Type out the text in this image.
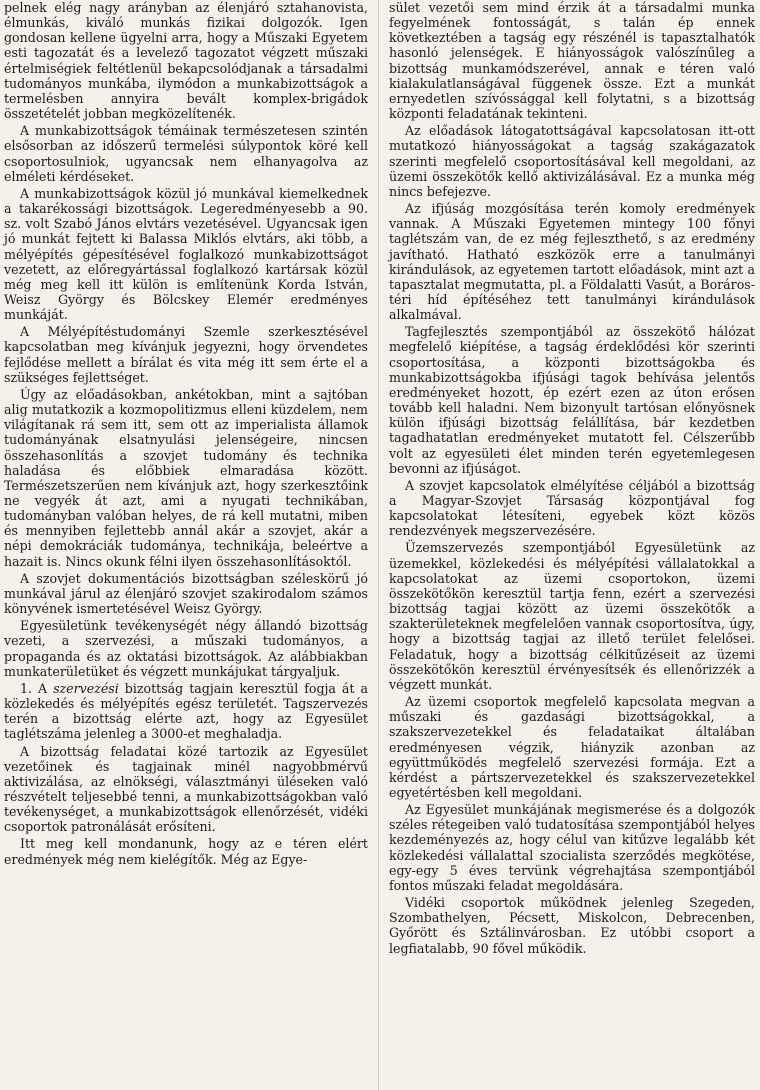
pelnek elég nagy arányban az élenjáró sztahanovista, élmunkás, kiváló munkás fizikai dolgozók. Igen gondosan kellene ügyelni arra, hogy a Műszaki Egyetem esti tagozatát és a levelező tagozatot végzett műszaki értelmiségiek feltétlenül bekapcsolódjanak a társadalmi tudományos munkába, ilymódon a munkabizottságok a termelésben annyira bevált komplex-brigádok összetételét jobban megközelítenék.

A munkabizottságok témáinak természetesen szintén elsősorban az időszerű termelési súlypontok köré kell csoportosulniok, ugyancsak nem elhanyagolva az elméleti kérdéseket.

A munkabizottságok közül jó munkával kiemelkednek a takarékossági bizottságok. Legeredményesebb a 90. sz. volt Szabó János elvtárs vezetésével. Ugyancsak igen jó munkát fejtett ki Balassa Miklós elvtárs, aki több, a mélyépítés gépesítésével foglalkozó munkabizottságot vezetett, az előregyártással foglalkozó kartársak közül még meg kell itt külön is említenünk Korda István, Weisz György és Bölcskey Elemér eredményes munkáját.

A Mélyépítéstudományi Szemle szerkesztésével kapcsolatban meg kívánjuk jegyezni, hogy örvendetes fejlődése mellett a bírálat és vita még itt sem érte el a szükséges fejlettséget.

Úgy az előadásokban, ankétokban, mint a sajtóban alig mutatkozik a kozmopolitizmus elleni küzdelem, nem világítanak rá sem itt, sem ott az imperialista államok tudományának elsatnyulási jelenségeire, nincsen összehasonlítás a szovjet tudomány és technika haladása és előbbiek elmaradása között. Természetszerűen nem kívánjuk azt, hogy szerkesztőink ne vegyék át azt, ami a nyugati technikában, tudományban valóban helyes, de rá kell mutatni, miben és mennyiben fejlettebb annál akár a szovjet, akár a népi demokráciák tudománya, technikája, beleértve a hazait is. Nincs okunk félni ilyen összehasonlításoktól.

A szovjet dokumentációs bizottságban széleskörű jó munkával járul az élenjáró szovjet szakirodalom számos könyvének ismertetésével Weisz György.

Egyesületünk tevékenységét négy állandó bizottság vezeti, a szervezési, a műszaki tudományos, a propaganda és az oktatási bizottságok. Az alábbiakban munkaterületüket és végzett munkájukat tárgyaljuk.

1. A szervezési bizottság tagjain keresztül fogja át a közlekedés és mélyépítés egész területét. Tagszervezés terén a bizottság elérte azt, hogy az Egyesület taglétszáma jelenleg a 3000-et meghaladja.

A bizottság feladatai közé tartozik az Egyesület vezetőinek és tagjainak minél nagyobbmérvű aktivizálása, az elnökségi, választmányi üléseken való részvételt teljesebbé tenni, a munkabizottságokban való tevékenységet, a munkabizottságok ellenőrzését, vidéki csoportok patronálását erősíteni.

Itt meg kell mondanunk, hogy az e téren elért eredmények még nem kielégítők. Még az Egye-

sület vezetői sem mind érzik át a társadalmi munka fegyelmének fontosságát, s talán ép ennek következtében a tagság egy részénél is tapasztalhatók hasonló jelenségek. E hiányosságok valószínűleg a bizottság munkamódszerével, annak e téren való kialakulatlanságával függenek össze. Ezt a munkát ernyedetlen szívóssággal kell folytatni, s a bizottság központi feladatának tekinteni.

Az előadások látogatottságával kapcsolatosan itt-ott mutatkozó hiányosságokat a tagság szakágazatok szerinti megfelelő csoportosításával kell megoldani, az üzemi összekötők kellő aktivizálásával. Ez a munka még nincs befejezve.

Az ifjúság mozgósítása terén komoly eredmények vannak. A Műszaki Egyetemen mintegy 100 főnyi taglétszám van, de ez még fejleszthető, s az eredmény javítható. Hatható eszközök erre a tanulmányi kirándulások, az egyetemen tartott előadások, mint azt a tapasztalat megmutatta, pl. a Földalatti Vasút, a Boráros-téri híd építéséhez tett tanulmányi kirándulások alkalmával.

Tagfejlesztés szempontjából az összekötő hálózat megfelelő kiépítése, a tagság érdeklődési kör szerinti csoportosítása, a központi bizottságokba és munkabizottságokba ifjúsági tagok behívása jelentős eredményeket hozott, ép ezért ezen az úton erősen tovább kell haladni. Nem bizonyult tartósan előnyösnek külön ifjúsági bizottság felállítása, bár kezdetben tagadhatatlan eredményeket mutatott fel. Célszerűbb volt az egyesületi élet minden terén egyetemlegesen bevonni az ifjúságot.

A szovjet kapcsolatok elmélyítése céljából a bizottság a Magyar-Szovjet Társaság központjával fog kapcsolatokat létesíteni, egyebek közt közös rendezvények megszervezésére.

Üzemszervezés szempontjából Egyesületünk az üzemekkel, közlekedési és mélyépítési vállalatokkal a kapcsolatokat az üzemi csoportokon, üzemi összekötőkön keresztül tartja fenn, ezért a szervezési bizottság tagjai között az üzemi összekötők a szakterületeknek megfelelően vannak csoportosítva, úgy, hogy a bizottság tagjai az illető terület felelősei. Feladatuk, hogy a bizottság célkitűzéseit az üzemi összekötőkön keresztül érvényesítsék és ellenőrizzék a végzett munkát.

Az üzemi csoportok megfelelő kapcsolata megvan a műszaki és gazdasági bizottságokkal, a szakszervezetekkel és feladataikat általában eredményesen végzik, hiányzik azonban az együttműködés megfelelő szervezési formája. Ezt a kérdést a pártszervezetekkel és szakszervezetekkel egyetértésben kell megoldani.

Az Egyesület munkájának megismerése és a dolgozók széles rétegeiben való tudatosítása szempontjából helyes kezdeményezés az, hogy célul van kitűzve legalább két közlekedési vállalattal szocialista szerződés megkötése, egy-egy 5 éves tervünk végrehajtása szempontjából fontos műszaki feladat megoldására.

Vidéki csoportok működnek jelenleg Szegeden, Szombathelyen, Pécsett, Miskolcon, Debrecenben, Győrött és Sztálinvárosban. Ez utóbbi csoport a legfiatalabb, 90 fővel működik.
